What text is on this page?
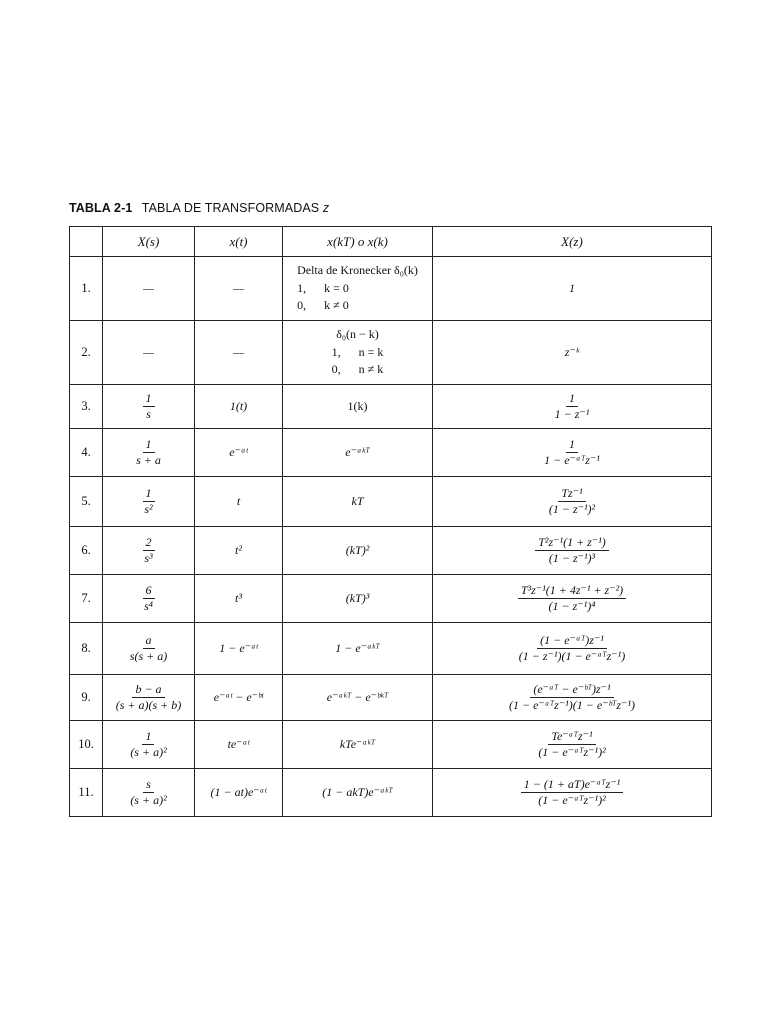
TABLA 2-1 TABLA DE TRANSFORMADAS z
	X(s)	x(t)	x(kT) o x(k)	X(z)
1.	—	—	Delta de Kronecker δ₀(k)
1,      k = 0
0,      k ≠ 0	1
2.	—	—	δ₀(n − k)
1,      n = k
0,      n ≠ k	z⁻ᵏ
3.	$\frac{1}{s}$	1(t)	1(k)	$\frac{1}{\text{1 − z⁻¹}}$

4.	$\frac{1}{s + a}$	e⁻ᵃᵗ	e⁻ᵃᵏᵀ	$\frac{1}{\text{1 − e⁻ᵃᵀz⁻¹}}$

5.	$\frac{1}{\text{s²}}$	t	kT	$\frac{\text{Tz⁻¹}}{\text{(1 − z⁻¹)²}}$

6.	$\frac{2}{\text{s³}}$	t²	(kT)²	$\frac{\text{T²z⁻¹(1 + z⁻¹)}}{\text{(1 − z⁻¹)³}}$

7.	$\frac{6}{\text{s⁴}}$	t³	(kT)³	$\frac{\text{T³z⁻¹(1 + 4z⁻¹ + z⁻²)}}{\text{(1 − z⁻¹)⁴}}$

8.	$\frac{a}{s(s + a)}$	1 − e⁻ᵃᵗ	1 − e⁻ᵃᵏᵀ	$\frac{\text{(1 − e⁻ᵃᵀ)z⁻¹}}{\text{(1 − z⁻¹)(1 − e⁻ᵃᵀz⁻¹)}}$

9.	$\frac{b - a}{(s + a)(s + b)}$	e⁻ᵃᵗ − e⁻ᵇᵗ	e⁻ᵃᵏᵀ − e⁻ᵇᵏᵀ	$\frac{\text{(e⁻ᵃᵀ − e⁻ᵇᵀ)z⁻¹}}{\text{(1 − e⁻ᵃᵀz⁻¹)(1 − e⁻ᵇᵀz⁻¹)}}$

10.	$\frac{1}{\text{(s + a)²}}$	te⁻ᵃᵗ	kTe⁻ᵃᵏᵀ	$\frac{\text{Te⁻ᵃᵀz⁻¹}}{\text{(1 − e⁻ᵃᵀz⁻¹)²}}$

11.	$\frac{s}{\text{(s + a)²}}$	(1 − at)e⁻ᵃᵗ	(1 − akT)e⁻ᵃᵏᵀ	$\frac{\text{1 − (1 + aT)e⁻ᵃᵀz⁻¹}}{\text{(1 − e⁻ᵃᵀz⁻¹)²}}$
